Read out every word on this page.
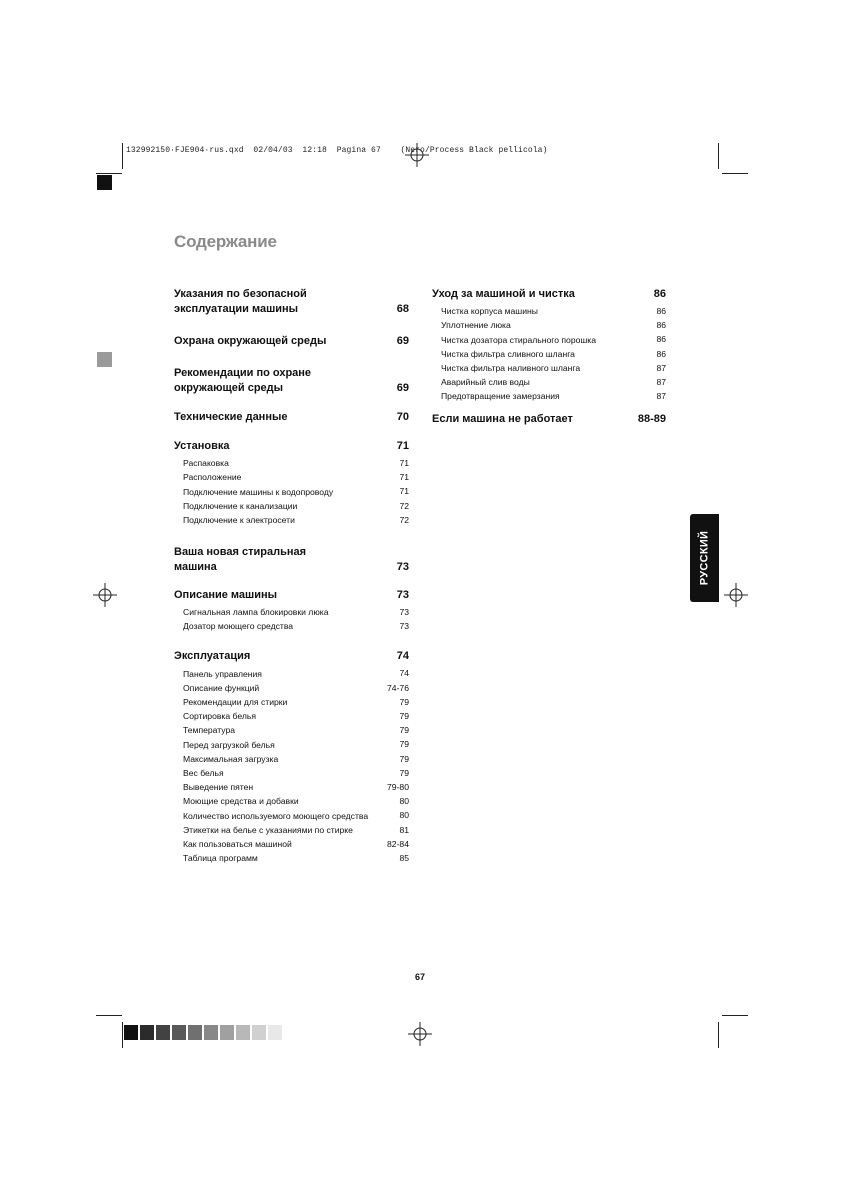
132992150·FJE904·rus.qxd  02/04/03  12:18  Pagina 67    (Nero/Process Black pellicola)
Содержание
Указания по безопасной эксплуатации машины	68
Охрана окружающей среды	69
Рекомендации по охране окружающей среды	69
Технические данные	70
Установка	71
Распаковка	71
Расположение	71
Подключение машины к водопроводу	71
Подключение к канализации	72
Подключение к электросети	72
Ваша новая стиральная машина	73
Описание машины	73
Сигнальная лампа блокировки люка	73
Дозатор моющего средства	73
Эксплуатация	74
Панель управления	74
Описание функций	74-76
Рекомендации для стирки	79
Сортировка белья	79
Температура	79
Перед загрузкой белья	79
Максимальная загрузка	79
Вес белья	79
Выведение пятен	79-80
Моющие средства и добавки	80
Количество используемого моющего средства	80
Этикетки на белье с указаниями по стирке	81
Как пользоваться машиной	82-84
Таблица программ	85
Уход за машиной и чистка	86
Чистка корпуса машины	86
Уплотнение люка	86
Чистка дозатора стирального порошка	86
Чистка фильтра сливного шланга	86
Чистка фильтра наливного шланга	87
Аварийный слив воды	87
Предотвращение замерзания	87
Если машина не работает	88-89
РУССКИЙ
67
